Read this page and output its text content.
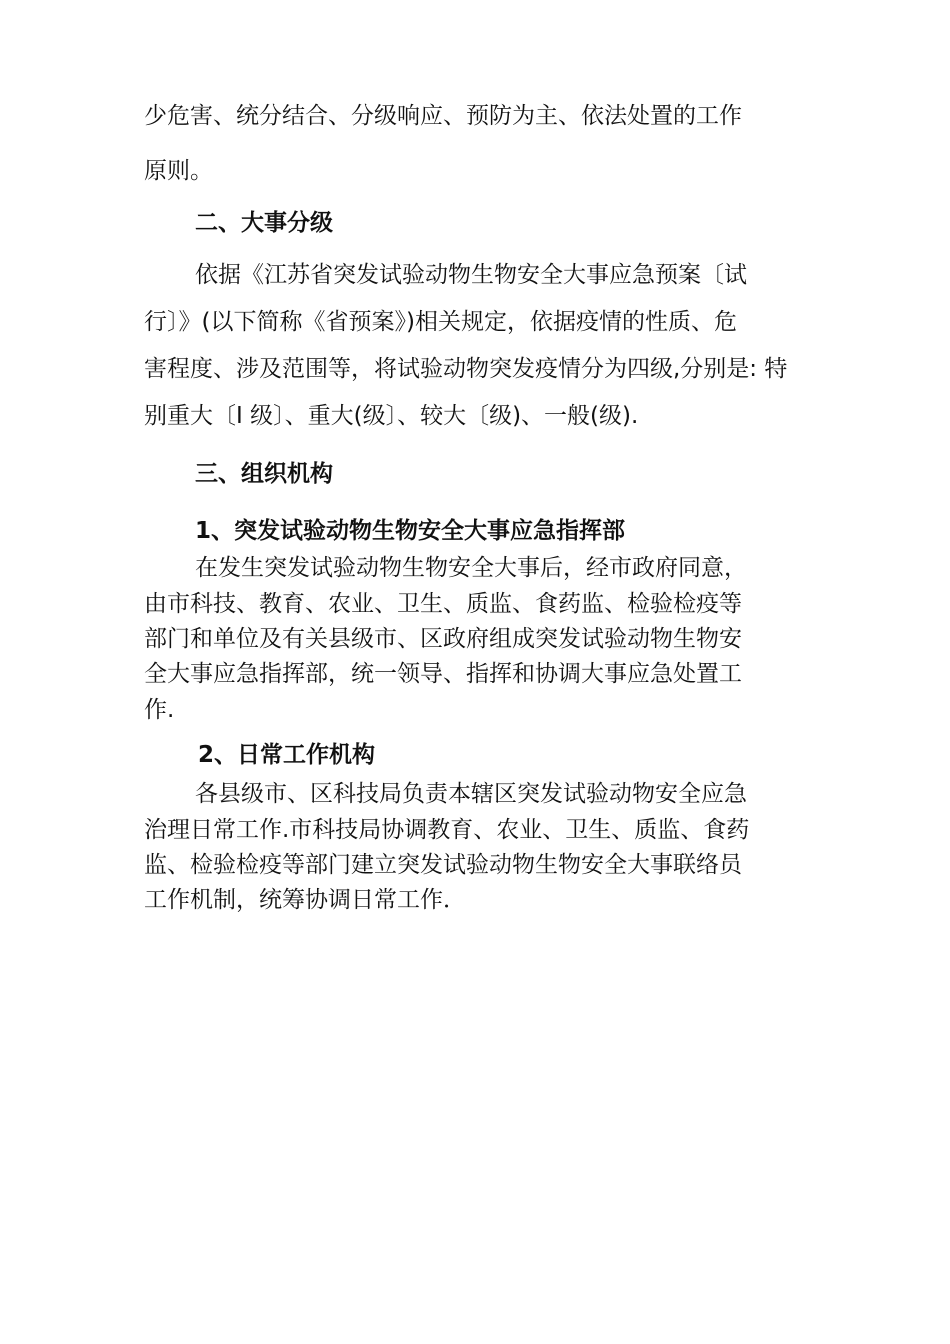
少危害、统分结合、分级响应、预防为主、依法处置的工作
原则。
二、大事分级
依据《江苏省突发试验动物生物安全大事应急预案〔试
行〕》(以下简称《省预案》)相关规定，依据疫情的性质、危
害程度、涉及范围等，将试验动物突发疫情分为四级,分别是: 特
别重大〔I 级〕、重大(级〕、较大〔级)、一般(级).
三、组织机构
1、突发试验动物生物安全大事应急指挥部
在发生突发试验动物生物安全大事后，经市政府同意，
由市科技、教育、农业、卫生、质监、食药监、检验检疫等
部门和单位及有关县级市、区政府组成突发试验动物生物安
全大事应急指挥部，统一领导、指挥和协调大事应急处置工
作.
2、日常工作机构
各县级市、区科技局负责本辖区突发试验动物安全应急
治理日常工作.市科技局协调教育、农业、卫生、质监、食药
监、检验检疫等部门建立突发试验动物生物安全大事联络员
工作机制，统筹协调日常工作．
